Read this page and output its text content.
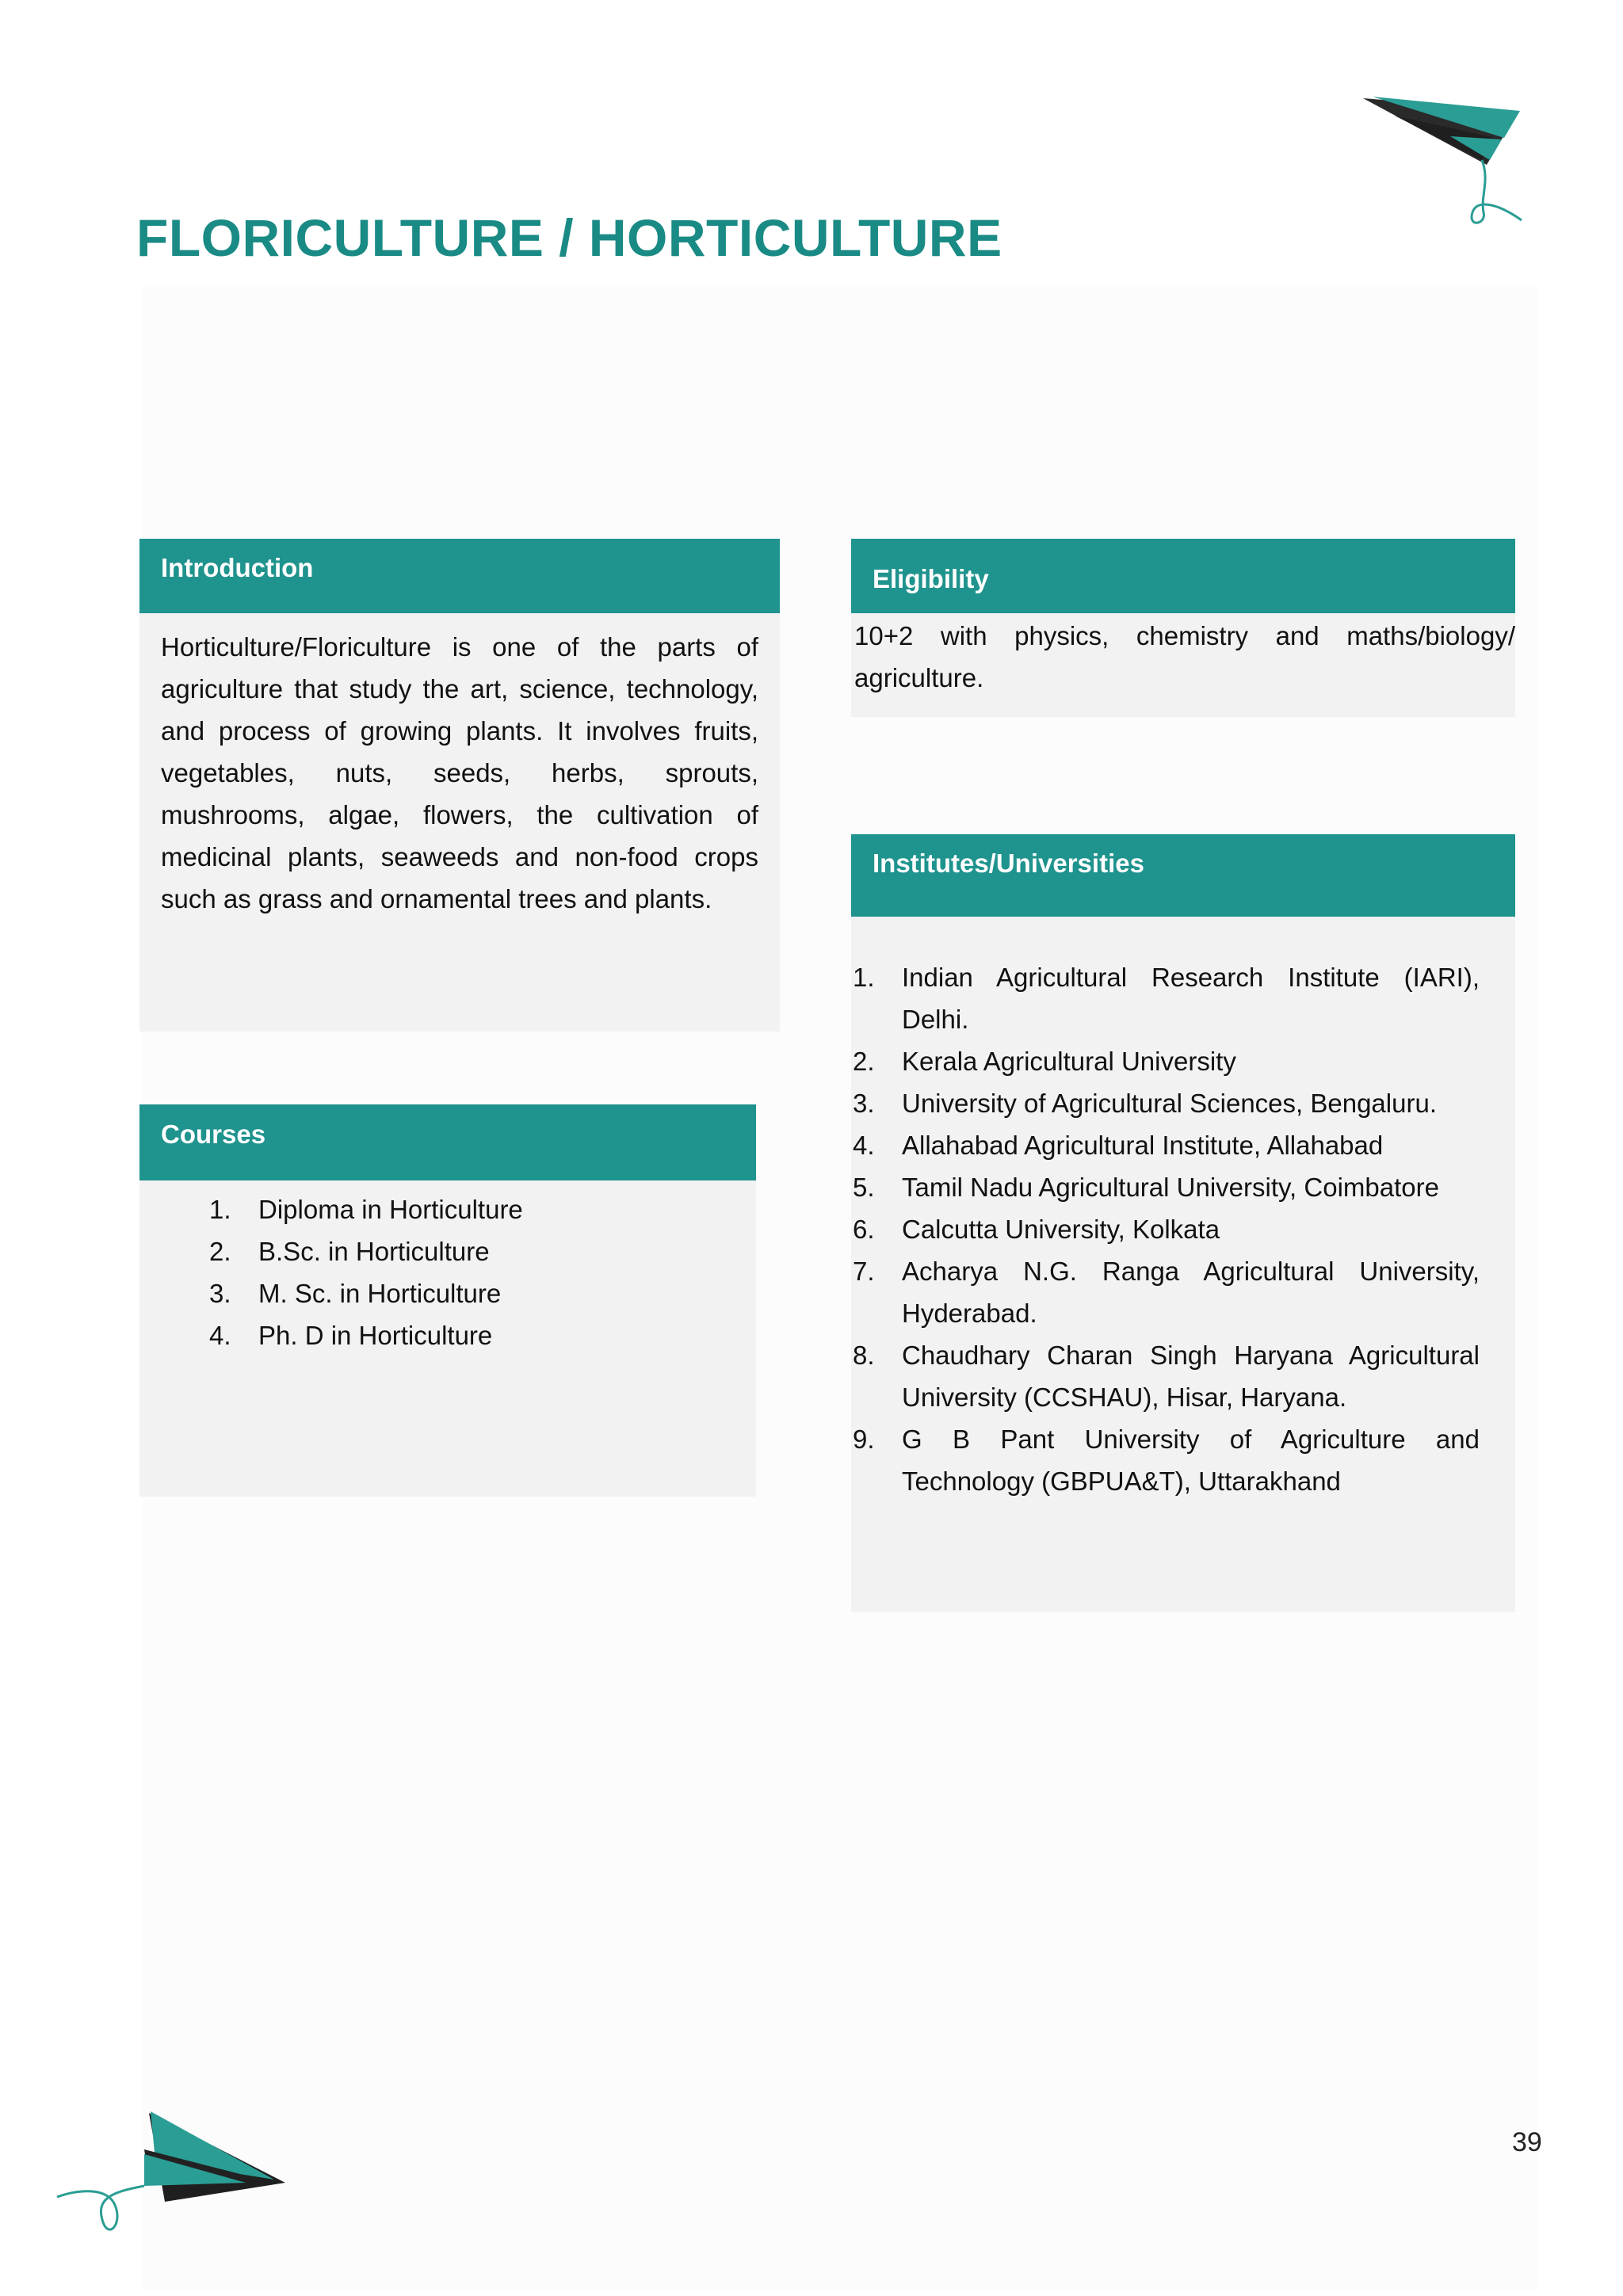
FLORICULTURE / HORTICULTURE
Introduction
Horticulture/Floriculture is one of the parts of agriculture that study the art, science, technology, and process of growing plants. It involves fruits, vegetables, nuts, seeds, herbs, sprouts, mushrooms, algae, flowers, the cultivation of medicinal plants, seaweeds and non-food crops such as grass and ornamental trees and plants.
Eligibility
10+2 with physics, chemistry and maths/biology/ agriculture.
Courses
1.	Diploma in Horticulture
2.	B.Sc. in Horticulture
3.	M. Sc. in Horticulture
4.	Ph. D in Horticulture
Institutes/Universities
1.	Indian Agricultural Research Institute (IARI), Delhi.
2.	Kerala Agricultural University
3.	University of Agricultural Sciences, Bengaluru.
4.	Allahabad Agricultural Institute, Allahabad
5.	Tamil Nadu Agricultural University, Coimbatore
6.	Calcutta University, Kolkata
7.	Acharya N.G. Ranga Agricultural University, Hyderabad.
8.	Chaudhary Charan Singh Haryana Agricultural University (CCSHAU), Hisar, Haryana.
9.	G B Pant University of Agriculture and Technology (GBPUA&T), Uttarakhand
39
